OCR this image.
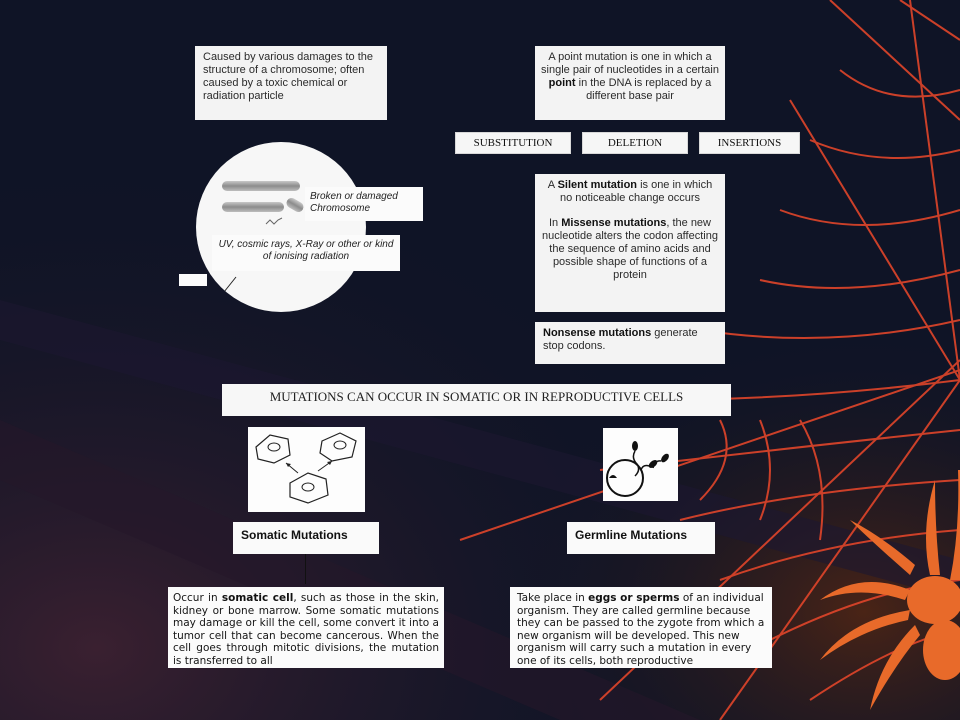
Caused by various damages to the structure of a chromosome; often caused by a toxic chemical or radiation particle
Broken or damaged Chromosome
UV, cosmic rays, X-Ray or other or kind of ionising radiation
A point mutation is one in which a single pair of nucleotides in a certain point in the DNA is replaced by a different base pair
SUBSTITUTION	DELETION	INSERTIONS
A Silent mutation is one in which no noticeable change occurs
In Missense mutations, the new nucleotide alters the codon affecting the sequence of amino acids and possible shape of functions of a protein
Nonsense mutations generate stop codons.
MUTATIONS CAN OCCUR IN SOMATIC OR IN REPRODUCTIVE CELLS
Somatic Mutations	Germline Mutations
Occur in somatic cell, such as those in the skin, kidney or bone marrow. Some somatic mutations may damage or kill the cell, some convert it into a tumor cell that can become cancerous. When the cell goes through mitotic divisions, the mutation is transferred to all
Take place in eggs or sperms of an individual organism. They are called germline because they can be passed to the zygote from which a new organism will be developed. This new organism will carry such a mutation in every one of its cells, both reproductive
